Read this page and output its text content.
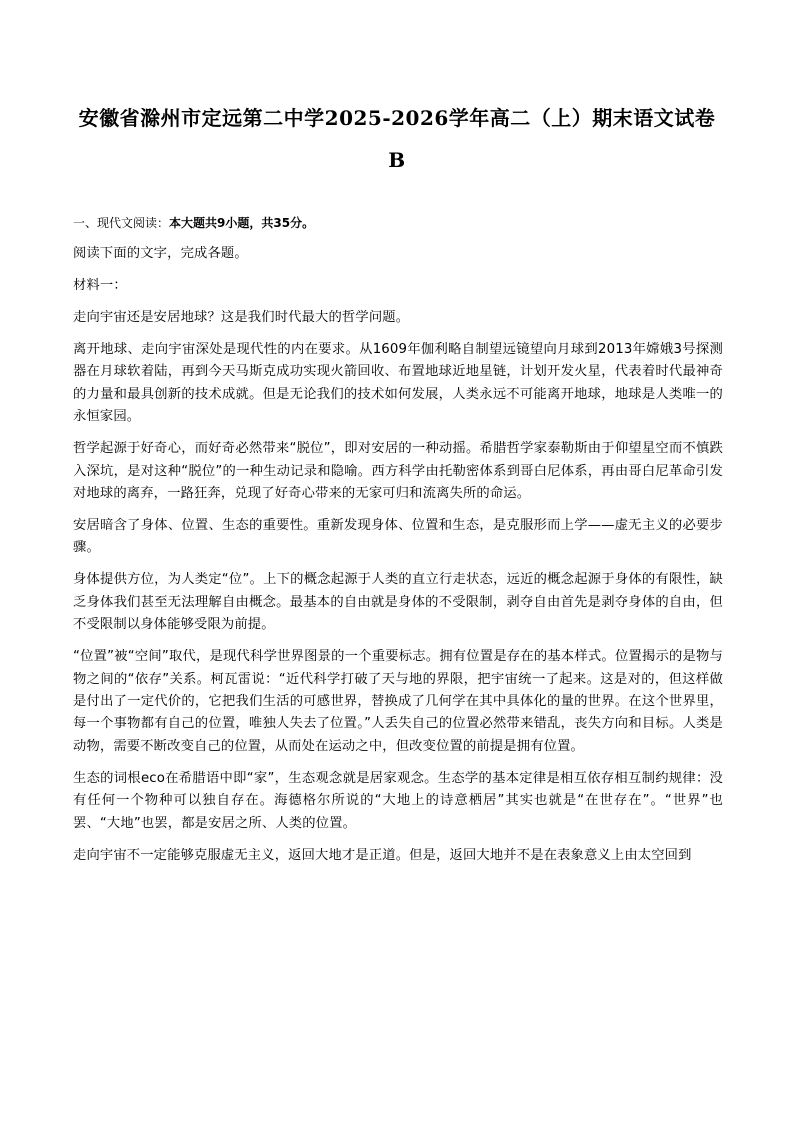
安徽省滁州市定远第二中学2025-2026学年高二（上）期末语文试卷
B
一、现代文阅读：本大题共9小题，共35分。
阅读下面的文字，完成各题。
材料一：
走向宇宙还是安居地球？这是我们时代最大的哲学问题。
离开地球、走向宇宙深处是现代性的内在要求。从1609年伽利略自制望远镜望向月球到2013年嫦娥3号探测器在月球软着陆，再到今天马斯克成功实现火箭回收、布置地球近地星链，计划开发火星，代表着时代最神奇的力量和最具创新的技术成就。但是无论我们的技术如何发展，人类永远不可能离开地球，地球是人类唯一的永恒家园。
哲学起源于好奇心，而好奇必然带来“脱位”，即对安居的一种动摇。希腊哲学家泰勒斯由于仰望星空而不慎跌入深坑，是对这种“脱位”的一种生动记录和隐喻。西方科学由托勒密体系到哥白尼体系，再由哥白尼革命引发对地球的离弃，一路狂奔，兑现了好奇心带来的无家可归和流离失所的命运。
安居暗含了身体、位置、生态的重要性。重新发现身体、位置和生态，是克服形而上学——虚无主义的必要步骤。
身体提供方位，为人类定“位”。上下的概念起源于人类的直立行走状态，远近的概念起源于身体的有限性，缺乏身体我们甚至无法理解自由概念。最基本的自由就是身体的不受限制，剥夺自由首先是剥夺身体的自由，但不受限制以身体能够受限为前提。
“位置”被“空间”取代，是现代科学世界图景的一个重要标志。拥有位置是存在的基本样式。位置揭示的是物与物之间的“依存”关系。柯瓦雷说：“近代科学打破了天与地的界限，把宇宙统一了起来。这是对的，但这样做是付出了一定代价的，它把我们生活的可感世界，替换成了几何学在其中具体化的量的世界。在这个世界里，每一个事物都有自己的位置，唯独人失去了位置。”人丢失自己的位置必然带来错乱，丧失方向和目标。人类是动物，需要不断改变自己的位置，从而处在运动之中，但改变位置的前提是拥有位置。
生态的词根eco在希腊语中即“家”，生态观念就是居家观念。生态学的基本定律是相互依存相互制约规律：没有任何一个物种可以独自存在。海德格尔所说的“大地上的诗意栖居”其实也就是“在世存在”。“世界”也罢、“大地”也罢，都是安居之所、人类的位置。
走向宇宙不一定能够克服虚无主义，返回大地才是正道。但是，返回大地并不是在表象意义上由太空回到
